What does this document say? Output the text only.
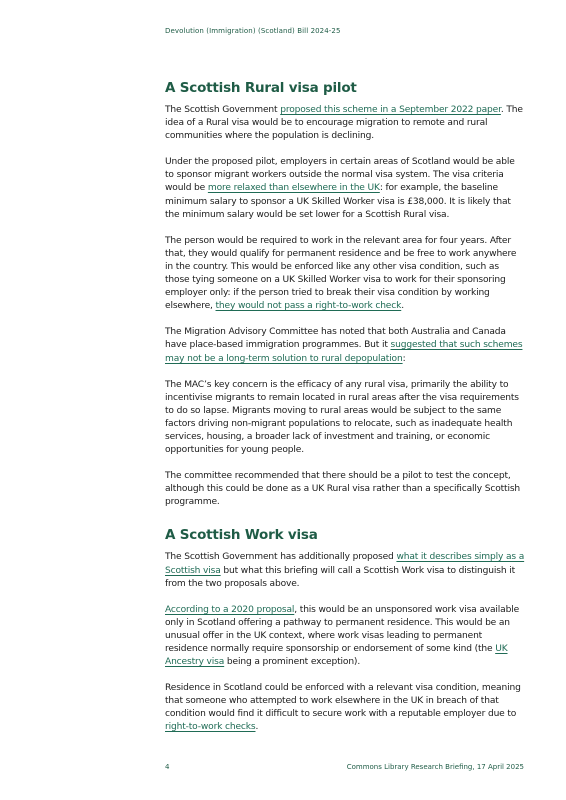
Devolution (Immigration) (Scotland) Bill 2024-25
A Scottish Rural visa pilot

The Scottish Government proposed this scheme in a September 2022 paper. The idea of a Rural visa would be to encourage migration to remote and rural communities where the population is declining.

Under the proposed pilot, employers in certain areas of Scotland would be able to sponsor migrant workers outside the normal visa system. The visa criteria would be more relaxed than elsewhere in the UK: for example, the baseline minimum salary to sponsor a UK Skilled Worker visa is £38,000. It is likely that the minimum salary would be set lower for a Scottish Rural visa.

The person would be required to work in the relevant area for four years. After that, they would qualify for permanent residence and be free to work anywhere in the country. This would be enforced like any other visa condition, such as those tying someone on a UK Skilled Worker visa to work for their sponsoring employer only: if the person tried to break their visa condition by working elsewhere, they would not pass a right-to-work check.

The Migration Advisory Committee has noted that both Australia and Canada have place-based immigration programmes. But it suggested that such schemes may not be a long-term solution to rural depopulation:

The MAC’s key concern is the efficacy of any rural visa, primarily the ability to incentivise migrants to remain located in rural areas after the visa requirements to do so lapse. Migrants moving to rural areas would be subject to the same factors driving non-migrant populations to relocate, such as inadequate health services, housing, a broader lack of investment and training, or economic opportunities for young people.

The committee recommended that there should be a pilot to test the concept, although this could be done as a UK Rural visa rather than a specifically Scottish programme.

A Scottish Work visa

The Scottish Government has additionally proposed what it describes simply as a Scottish visa but what this briefing will call a Scottish Work visa to distinguish it from the two proposals above.

According to a 2020 proposal, this would be an unsponsored work visa available only in Scotland offering a pathway to permanent residence. This would be an unusual offer in the UK context, where work visas leading to permanent residence normally require sponsorship or endorsement of some kind (the UK Ancestry visa being a prominent exception).

Residence in Scotland could be enforced with a relevant visa condition, meaning that someone who attempted to work elsewhere in the UK in breach of that condition would find it difficult to secure work with a reputable employer due to right-to-work checks.

4	Commons Library Research Briefing, 17 April 2025
